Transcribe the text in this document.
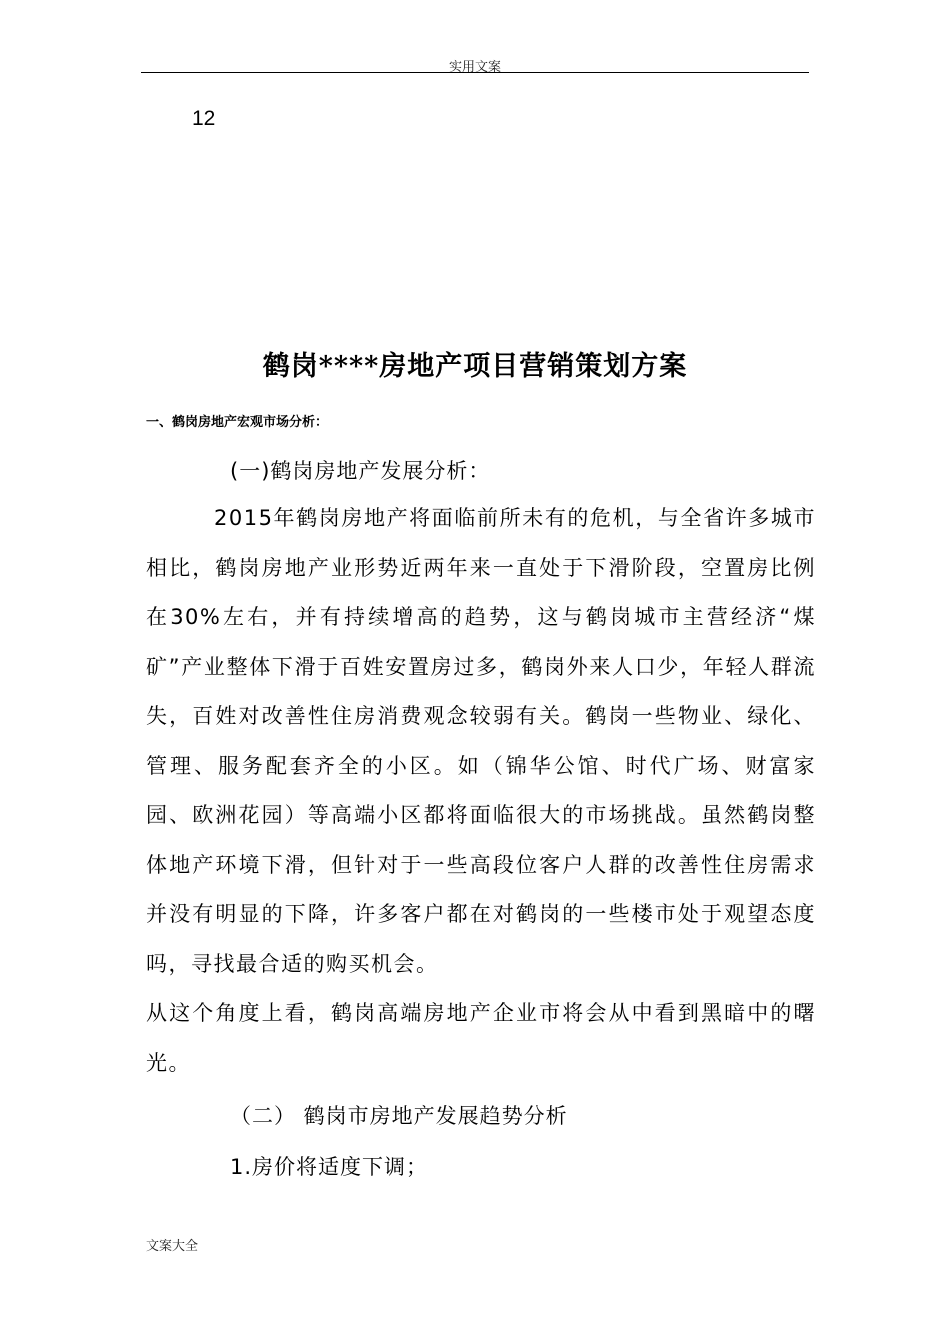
实用文案
12
鹤岗****房地产项目营销策划方案
一、鹤岗房地产宏观市场分析：
(一)鹤岗房地产发展分析：

2015年鹤岗房地产将面临前所未有的危机，与全省许多城市相比，鹤岗房地产业形势近两年来一直处于下滑阶段，空置房比例在30%左右，并有持续增高的趋势，这与鹤岗城市主营经济“煤矿”产业整体下滑于百姓安置房过多，鹤岗外来人口少，年轻人群流失，百姓对改善性住房消费观念较弱有关。鹤岗一些物业、绿化、管理、服务配套齐全的小区。如（锦华公馆、时代广场、财富家园、欧洲花园）等高端小区都将面临很大的市场挑战。虽然鹤岗整体地产环境下滑，但针对于一些高段位客户人群的改善性住房需求并没有明显的下降，许多客户都在对鹤岗的一些楼市处于观望态度吗，寻找最合适的购买机会。

从这个角度上看，鹤岗高端房地产企业市将会从中看到黑暗中的曙光。

（二） 鹤岗市房地产发展趋势分析
1.房价将适度下调；
文案大全
